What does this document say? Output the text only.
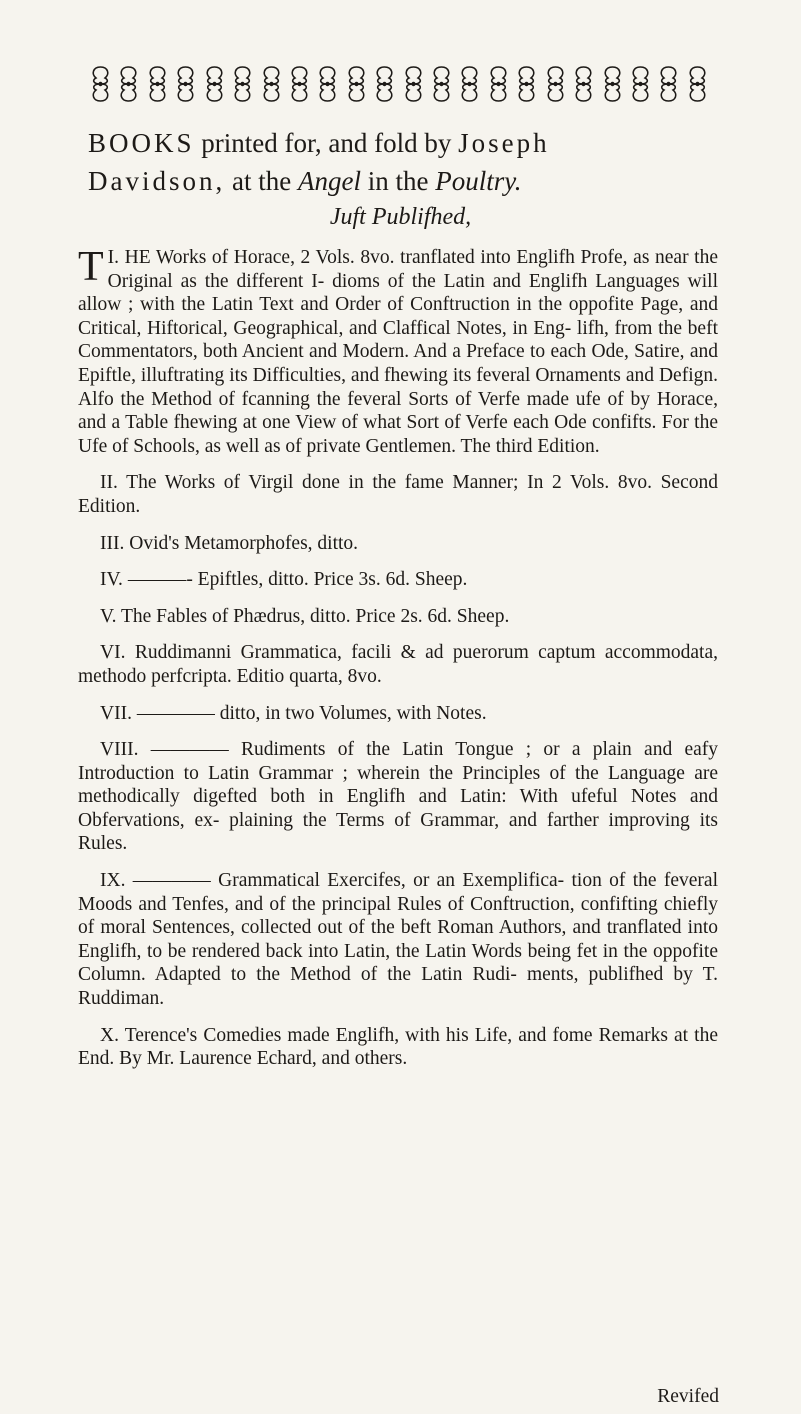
BOOKS printed for, and fold by Joseph
Davidson, at the Angel in the Poultry.
Juft Publifhed,

I.
T HE Works of Horace, 2 Vols. 8vo. tranflated into Englifh Profe, as near the Original as the different I- dioms of the Latin and Englifh Languages will allow ; with the Latin Text and Order of Conftruction in the oppofite Page, and Critical, Hiftorical, Geographical, and Claffical Notes, in Eng- lifh, from the beft Commentators, both Ancient and Modern. And a Preface to each Ode, Satire, and Epiftle, illuftrating its Difficulties, and fhewing its feveral Ornaments and Defign. Alfo the Method of fcanning the feveral Sorts of Verfe made ufe of by Horace, and a Table fhewing at one View of what Sort of Verfe each Ode confifts. For the Ufe of Schools, as well as of private Gentlemen. The third Edition.

II. The Works of Virgil done in the fame Manner; In 2 Vols. 8vo. Second Edition.

III. Ovid's Metamorphofes, ditto.

IV. ———- Epiftles, ditto. Price 3s. 6d. Sheep.

V. The Fables of Phædrus, ditto. Price 2s. 6d. Sheep.

VI. Ruddimanni Grammatica, facili & ad puerorum captum accommodata, methodo perfcripta. Editio quarta, 8vo.

VII. ———— ditto, in two Volumes, with Notes.

VIII. ———— Rudiments of the Latin Tongue ; or a plain and eafy Introduction to Latin Grammar ; wherein the Principles of the Language are methodically digefted both in Englifh and Latin: With ufeful Notes and Obfervations, ex- plaining the Terms of Grammar, and farther improving its Rules.

IX. ———— Grammatical Exercifes, or an Exemplifica- tion of the feveral Moods and Tenfes, and of the principal Rules of Conftruction, confifting chiefly of moral Sentences, collected out of the beft Roman Authors, and tranflated into Englifh, to be rendered back into Latin, the Latin Words being fet in the oppofite Column. Adapted to the Method of the Latin Rudi- ments, publifhed by T. Ruddiman.

X. Terence's Comedies made Englifh, with his Life, and fome Remarks at the End. By Mr. Laurence Echard, and others.

Revifed
